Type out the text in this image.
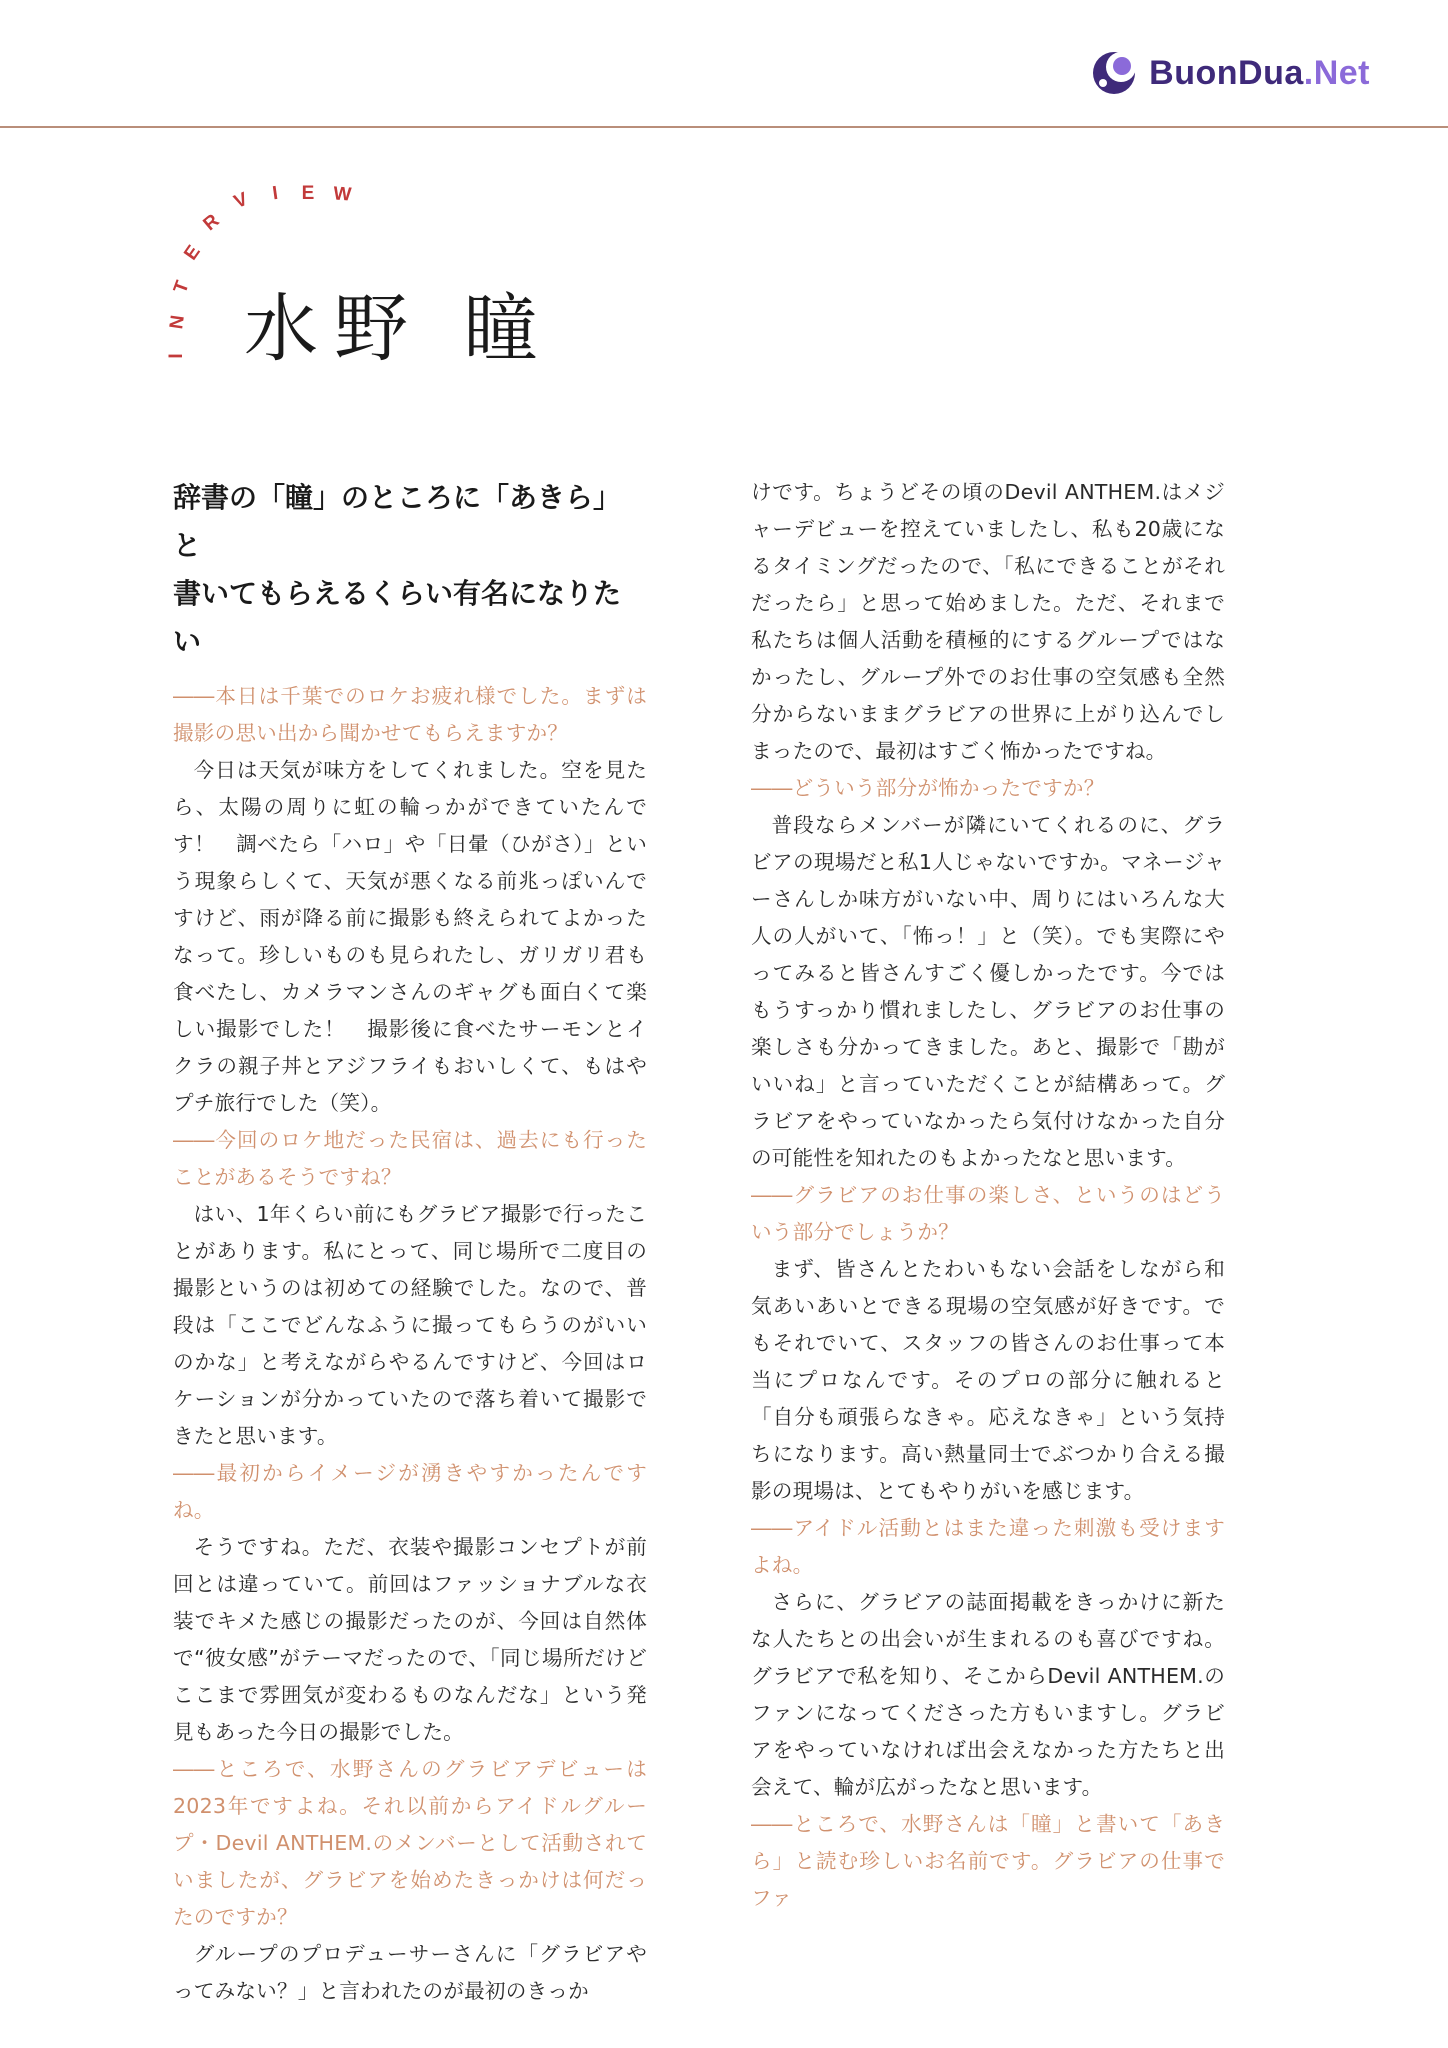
BuonDua.Net
I
N
T
E
R
V I E W
水野 瞳
辞書の「瞳」のところに「あきら」と
書いてもらえるくらい有名になりたい

――本日は千葉でのロケお疲れ様でした。まずは撮影の思い出から聞かせてもらえますか？

今日は天気が味方をしてくれました。空を見たら、太陽の周りに虹の輪っかができていたんです！　調べたら「ハロ」や「日暈（ひがさ）」という現象らしくて、天気が悪くなる前兆っぽいんですけど、雨が降る前に撮影も終えられてよかったなって。珍しいものも見られたし、ガリガリ君も食べたし、カメラマンさんのギャグも面白くて楽しい撮影でした！　撮影後に食べたサーモンとイクラの親子丼とアジフライもおいしくて、もはやプチ旅行でした（笑）。

――今回のロケ地だった民宿は、過去にも行ったことがあるそうですね？

はい、1年くらい前にもグラビア撮影で行ったことがあります。私にとって、同じ場所で二度目の撮影というのは初めての経験でした。なので、普段は「ここでどんなふうに撮ってもらうのがいいのかな」と考えながらやるんですけど、今回はロケーションが分かっていたので落ち着いて撮影できたと思います。

――最初からイメージが湧きやすかったんですね。

そうですね。ただ、衣装や撮影コンセプトが前回とは違っていて。前回はファッショナブルな衣装でキメた感じの撮影だったのが、今回は自然体で“彼女感”がテーマだったので、「同じ場所だけどここまで雰囲気が変わるものなんだな」という発見もあった今日の撮影でした。

――ところで、水野さんのグラビアデビューは2023年ですよね。それ以前からアイドルグループ・Devil ANTHEM.のメンバーとして活動されていましたが、グラビアを始めたきっかけは何だったのですか？

グループのプロデューサーさんに「グラビアやってみない？」と言われたのが最初のきっか

けです。ちょうどその頃のDevil ANTHEM.はメジャーデビューを控えていましたし、私も20歳になるタイミングだったので、「私にできることがそれだったら」と思って始めました。ただ、それまで私たちは個人活動を積極的にするグループではなかったし、グループ外でのお仕事の空気感も全然分からないままグラビアの世界に上がり込んでしまったので、最初はすごく怖かったですね。

――どういう部分が怖かったですか？

普段ならメンバーが隣にいてくれるのに、グラビアの現場だと私1人じゃないですか。マネージャーさんしか味方がいない中、周りにはいろんな大人の人がいて、「怖っ！」と（笑）。でも実際にやってみると皆さんすごく優しかったです。今ではもうすっかり慣れましたし、グラビアのお仕事の楽しさも分かってきました。あと、撮影で「勘がいいね」と言っていただくことが結構あって。グラビアをやっていなかったら気付けなかった自分の可能性を知れたのもよかったなと思います。

――グラビアのお仕事の楽しさ、というのはどういう部分でしょうか？

まず、皆さんとたわいもない会話をしながら和気あいあいとできる現場の空気感が好きです。でもそれでいて、スタッフの皆さんのお仕事って本当にプロなんです。そのプロの部分に触れると「自分も頑張らなきゃ。応えなきゃ」という気持ちになります。高い熱量同士でぶつかり合える撮影の現場は、とてもやりがいを感じます。

――アイドル活動とはまた違った刺激も受けますよね。

さらに、グラビアの誌面掲載をきっかけに新たな人たちとの出会いが生まれるのも喜びですね。グラビアで私を知り、そこからDevil ANTHEM.のファンになってくださった方もいますし。グラビアをやっていなければ出会えなかった方たちと出会えて、輪が広がったなと思います。

――ところで、水野さんは「瞳」と書いて「あきら」と読む珍しいお名前です。グラビアの仕事でファ
